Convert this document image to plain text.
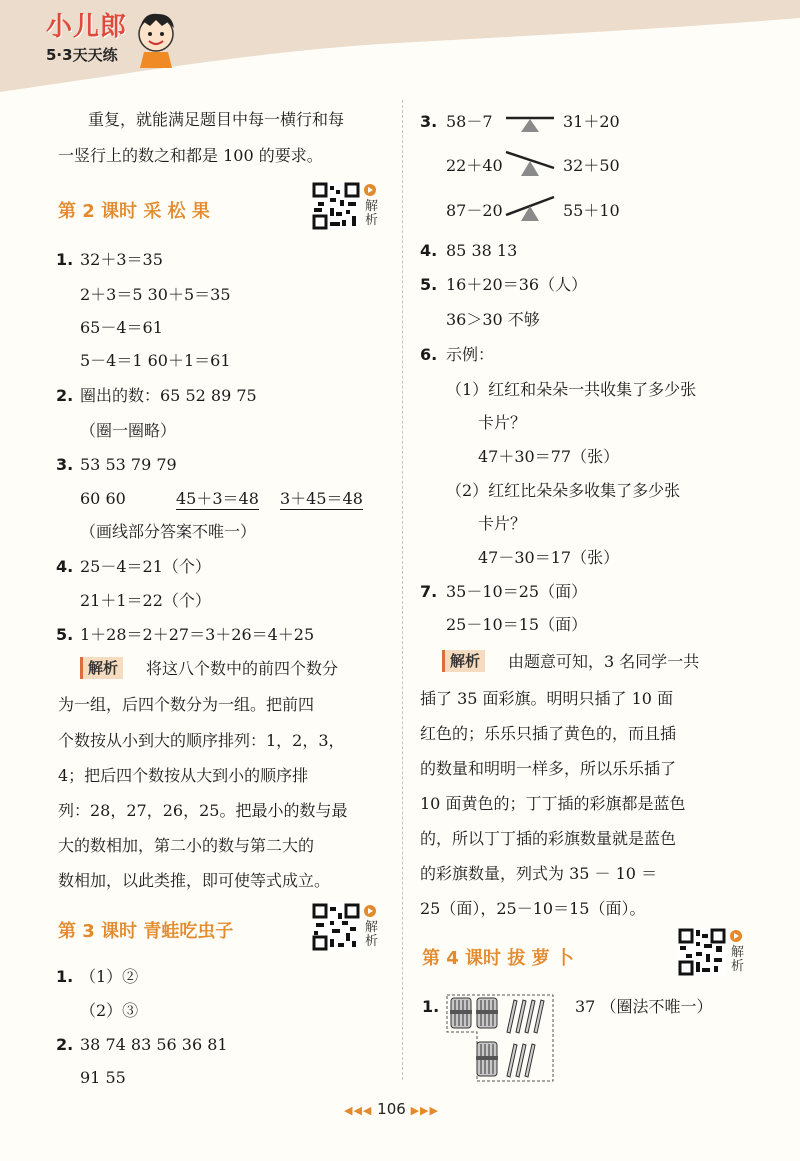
小儿郎
5·3天天练
重复，就能满足题目中每一横行和每
一竖行上的数之和都是 100 的要求。
第 2 课时 采 松 果	解析
1. 32＋3＝35
2＋3＝5 30＋5＝35
65－4＝61
5－4＝1 60＋1＝61
2. 圈出的数：65 52 89 75
（圈一圈略）
3. 53 53 79 79
60 60	45＋3＝48 3＋45＝48
（画线部分答案不唯一）
4. 25－4＝21（个）
21＋1＝22（个）
5. 1＋28＝2＋27＝3＋26＝4＋25
解析	将这八个数中的前四个数分
为一组，后四个数分为一组。把前四
个数按从小到大的顺序排列：1，2，3，
4；把后四个数按从大到小的顺序排
列：28，27，26，25。把最小的数与最
大的数相加，第二小的数与第二大的
数相加，以此类推，即可使等式成立。
第 3 课时 青蛙吃虫子	解析
1. （1）②
（2）③
2. 38 74 83 56 36 81
91 55
3. 58－7	31＋20
22＋40	32＋50
87－20	55＋10
4. 85 38 13
5. 16＋20＝36（人）
36＞30 不够
6. 示例：
（1）红红和朵朵一共收集了多少张
卡片？
47＋30＝77（张）
（2）红红比朵朵多收集了多少张
卡片？
47－30＝17（张）
7. 35－10＝25（面）
25－10＝15（面）
解析	由题意可知，3 名同学一共
插了 35 面彩旗。明明只插了 10 面
红色的；乐乐只插了黄色的，而且插
的数量和明明一样多，所以乐乐插了
10 面黄色的；丁丁插的彩旗都是蓝色
的，所以丁丁插的彩旗数量就是蓝色
的彩旗数量，列式为 35 － 10 ＝
25（面），25－10＝15（面）。
第 4 课时 拔 萝 卜	解析
1.	37 （圈法不唯一）
◀◀◀ 106 ▶▶▶
